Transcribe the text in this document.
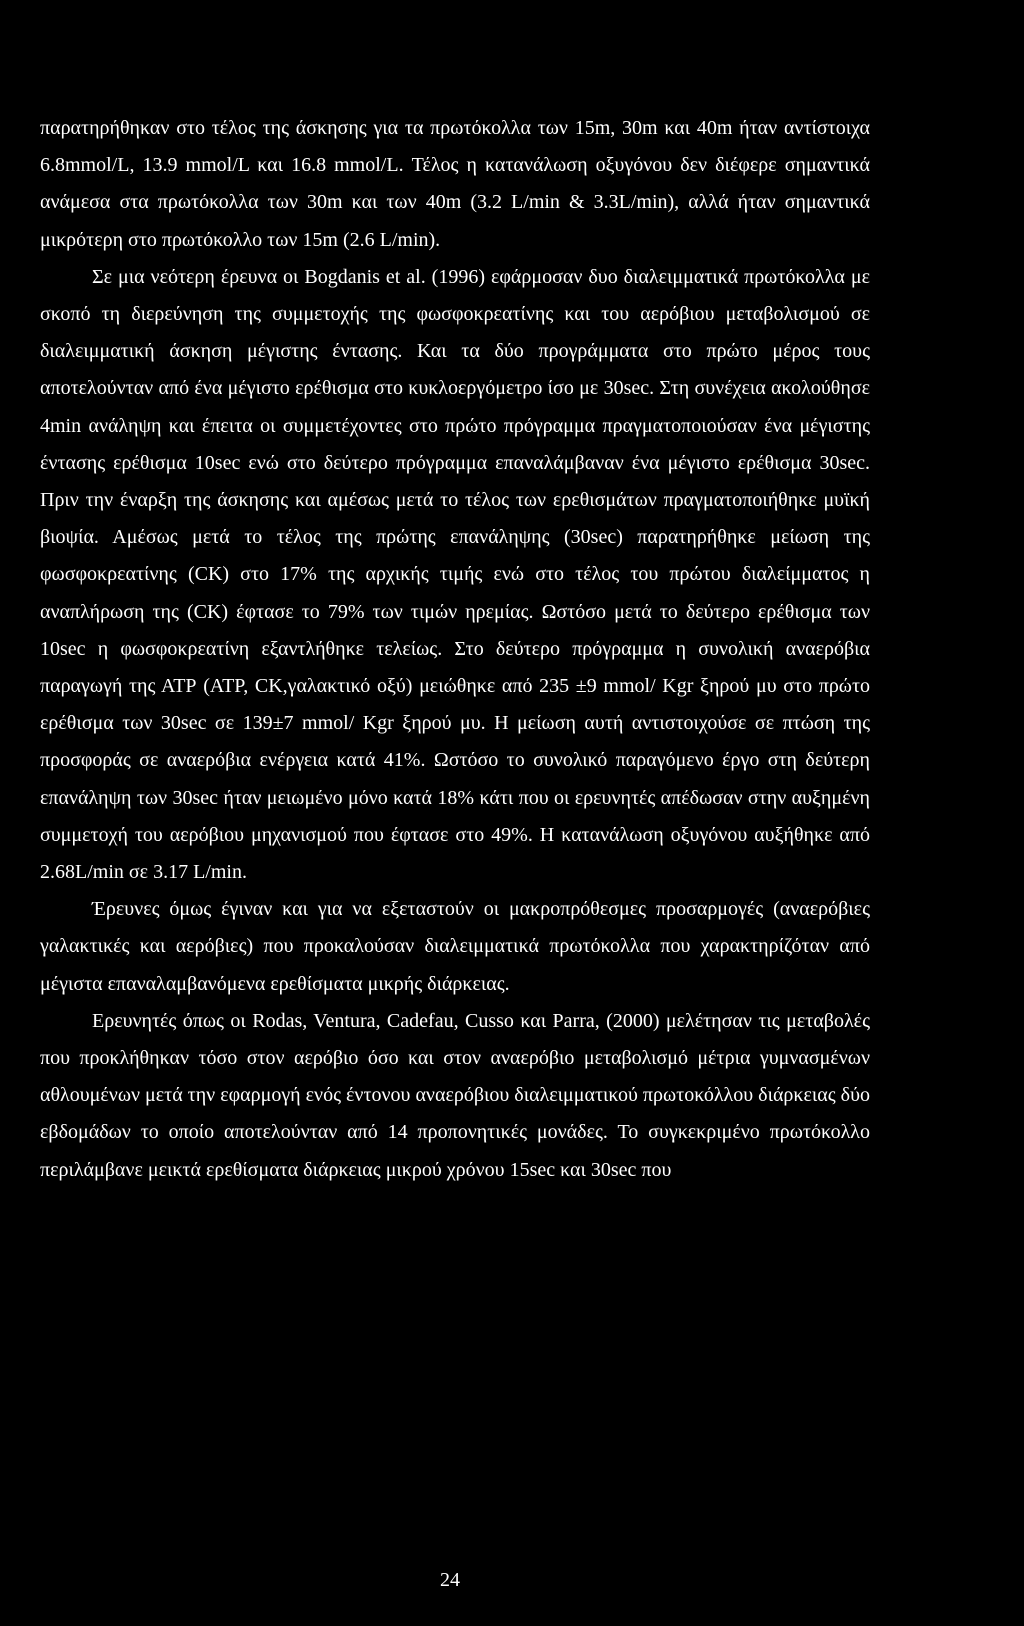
παρατηρήθηκαν στο τέλος της άσκησης για τα πρωτόκολλα των 15m, 30m και 40m ήταν αντίστοιχα 6.8mmol/L, 13.9 mmol/L και 16.8 mmol/L. Τέλος η κατανάλωση οξυγόνου δεν διέφερε σημαντικά ανάμεσα στα πρωτόκολλα των 30m και των 40m (3.2 L/min & 3.3L/min), αλλά ήταν σημαντικά μικρότερη στο πρωτόκολλο των 15m (2.6 L/min).

Σε μια νεότερη έρευνα οι Bogdanis et al. (1996) εφάρμοσαν δυο διαλειμματικά πρωτόκολλα με σκοπό τη διερεύνηση της συμμετοχής της φωσφοκρεατίνης και του αερόβιου μεταβολισμού σε διαλειμματική άσκηση μέγιστης έντασης. Και τα δύο προγράμματα στο πρώτο μέρος τους αποτελούνταν από ένα μέγιστο ερέθισμα στο κυκλοεργόμετρο ίσο με 30sec. Στη συνέχεια ακολούθησε 4min ανάληψη και έπειτα οι συμμετέχοντες στο πρώτο πρόγραμμα πραγματοποιούσαν ένα μέγιστης έντασης ερέθισμα 10sec ενώ στο δεύτερο πρόγραμμα επαναλάμβαναν ένα μέγιστο ερέθισμα 30sec. Πριν την έναρξη της άσκησης και αμέσως μετά το τέλος των ερεθισμάτων πραγματοποιήθηκε μυϊκή βιοψία. Αμέσως μετά το τέλος της πρώτης επανάληψης (30sec) παρατηρήθηκε μείωση της φωσφοκρεατίνης (CK) στο 17% της αρχικής τιμής ενώ στο τέλος του πρώτου διαλείμματος η αναπλήρωση της (CK) έφτασε το 79% των τιμών ηρεμίας. Ωστόσο μετά το δεύτερο ερέθισμα των 10sec η φωσφοκρεατίνη εξαντλήθηκε τελείως. Στο δεύτερο πρόγραμμα η συνολική αναερόβια παραγωγή της ΑΤΡ (ΑΤΡ, CK,γαλακτικό οξύ) μειώθηκε από 235 ±9 mmol/ Kgr ξηρού μυ στο πρώτο ερέθισμα των 30sec σε 139±7 mmol/ Kgr ξηρού μυ. Η μείωση αυτή αντιστοιχούσε σε πτώση της προσφοράς σε αναερόβια ενέργεια κατά 41%. Ωστόσο το συνολικό παραγόμενο έργο στη δεύτερη επανάληψη των 30sec ήταν μειωμένο μόνο κατά 18% κάτι που οι ερευνητές απέδωσαν στην αυξημένη συμμετοχή του αερόβιου μηχανισμού που έφτασε στο 49%. Η κατανάλωση οξυγόνου αυξήθηκε από 2.68L/min σε 3.17 L/min.

Έρευνες όμως έγιναν και για να εξεταστούν οι μακροπρόθεσμες προσαρμογές (αναερόβιες γαλακτικές και αερόβιες) που προκαλούσαν διαλειμματικά πρωτόκολλα που χαρακτηρίζόταν από μέγιστα επαναλαμβανόμενα ερεθίσματα μικρής διάρκειας.

Ερευνητές όπως οι Rodas, Ventura, Cadefau, Cusso και Parra, (2000) μελέτησαν τις μεταβολές που προκλήθηκαν τόσο στον αερόβιο όσο και στον αναερόβιο μεταβολισμό μέτρια γυμνασμένων αθλουμένων μετά την εφαρμογή ενός έντονου αναερόβιου διαλειμματικού πρωτοκόλλου διάρκειας δύο εβδομάδων το οποίο αποτελούνταν από 14 προπονητικές μονάδες. Το συγκεκριμένο πρωτόκολλο περιλάμβανε μεικτά ερεθίσματα διάρκειας μικρού χρόνου 15sec και 30sec που

24
